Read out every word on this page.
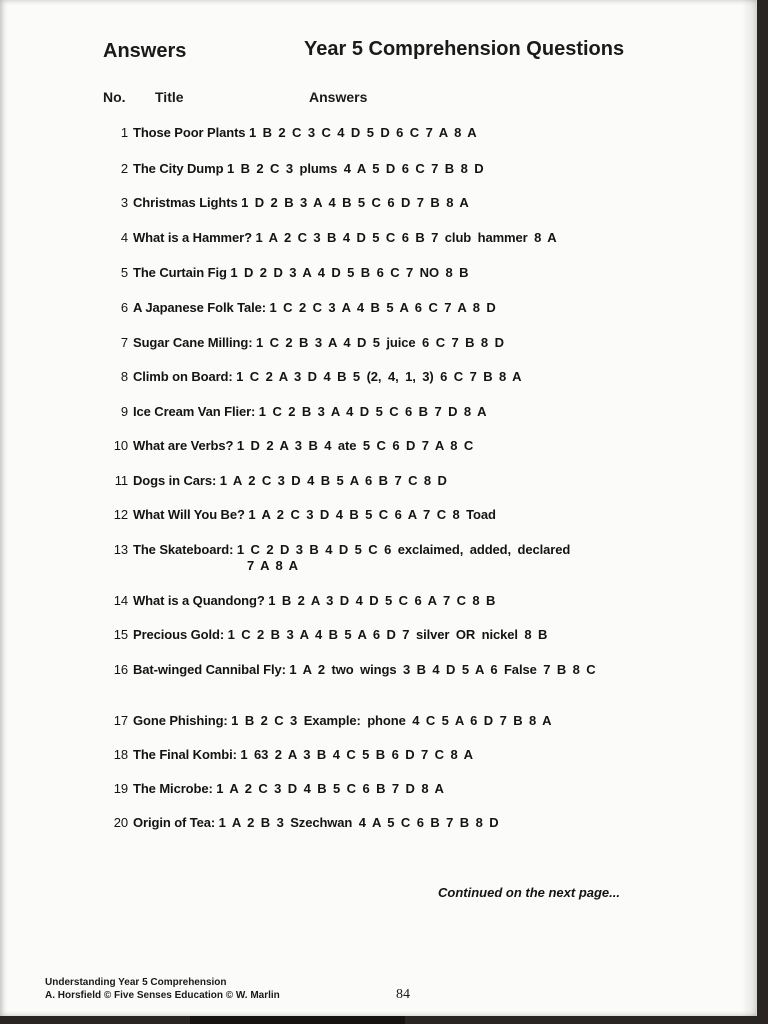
Answers	Year 5 Comprehension Questions
No. Title	Answers
1 Those Poor Plants 1 B 2 C 3 C 4 D 5 D 6 C 7 A 8 A
2 The City Dump 1 B 2 C 3 plums 4 A 5 D 6 C 7 B 8 D
3 Christmas Lights 1 D 2 B 3 A 4 B 5 C 6 D 7 B 8 A
4 What is a Hammer? 1 A 2 C 3 B 4 D 5 C 6 B 7 club hammer 8 A
5 The Curtain Fig 1 D 2 D 3 A 4 D 5 B 6 C 7 NO 8 B
6 A Japanese Folk Tale: 1 C 2 C 3 A 4 B 5 A 6 C 7 A 8 D
7 Sugar Cane Milling: 1 C 2 B 3 A 4 D 5 juice 6 C 7 B 8 D
8 Climb on Board: 1 C 2 A 3 D 4 B 5 (2, 4, 1, 3) 6 C 7 B 8 A
9 Ice Cream Van Flier: 1 C 2 B 3 A 4 D 5 C 6 B 7 D 8 A
10 What are Verbs? 1 D 2 A 3 B 4 ate 5 C 6 D 7 A 8 C
11 Dogs in Cars: 1 A 2 C 3 D 4 B 5 A 6 B 7 C 8 D
12 What Will You Be? 1 A 2 C 3 D 4 B 5 C 6 A 7 C 8 Toad
13 The Skateboard: 1 C 2 D 3 B 4 D 5 C 6 exclaimed, added, declared
7 A 8 A
14 What is a Quandong? 1 B 2 A 3 D 4 D 5 C 6 A 7 C 8 B
15 Precious Gold: 1 C 2 B 3 A 4 B 5 A 6 D 7 silver OR nickel 8 B
16 Bat-winged Cannibal Fly: 1 A 2 two wings 3 B 4 D 5 A 6 False 7 B 8 C
17 Gone Phishing: 1 B 2 C 3 Example: phone 4 C 5 A 6 D 7 B 8 A
18 The Final Kombi: 1 63 2 A 3 B 4 C 5 B 6 D 7 C 8 A
19 The Microbe: 1 A 2 C 3 D 4 B 5 C 6 B 7 D 8 A
20 Origin of Tea: 1 A 2 B 3 Szechwan 4 A 5 C 6 B 7 B 8 D
Continued on the next page...
Understanding Year 5 Comprehension
A. Horsfield © Five Senses Education © W. Marlin	84
